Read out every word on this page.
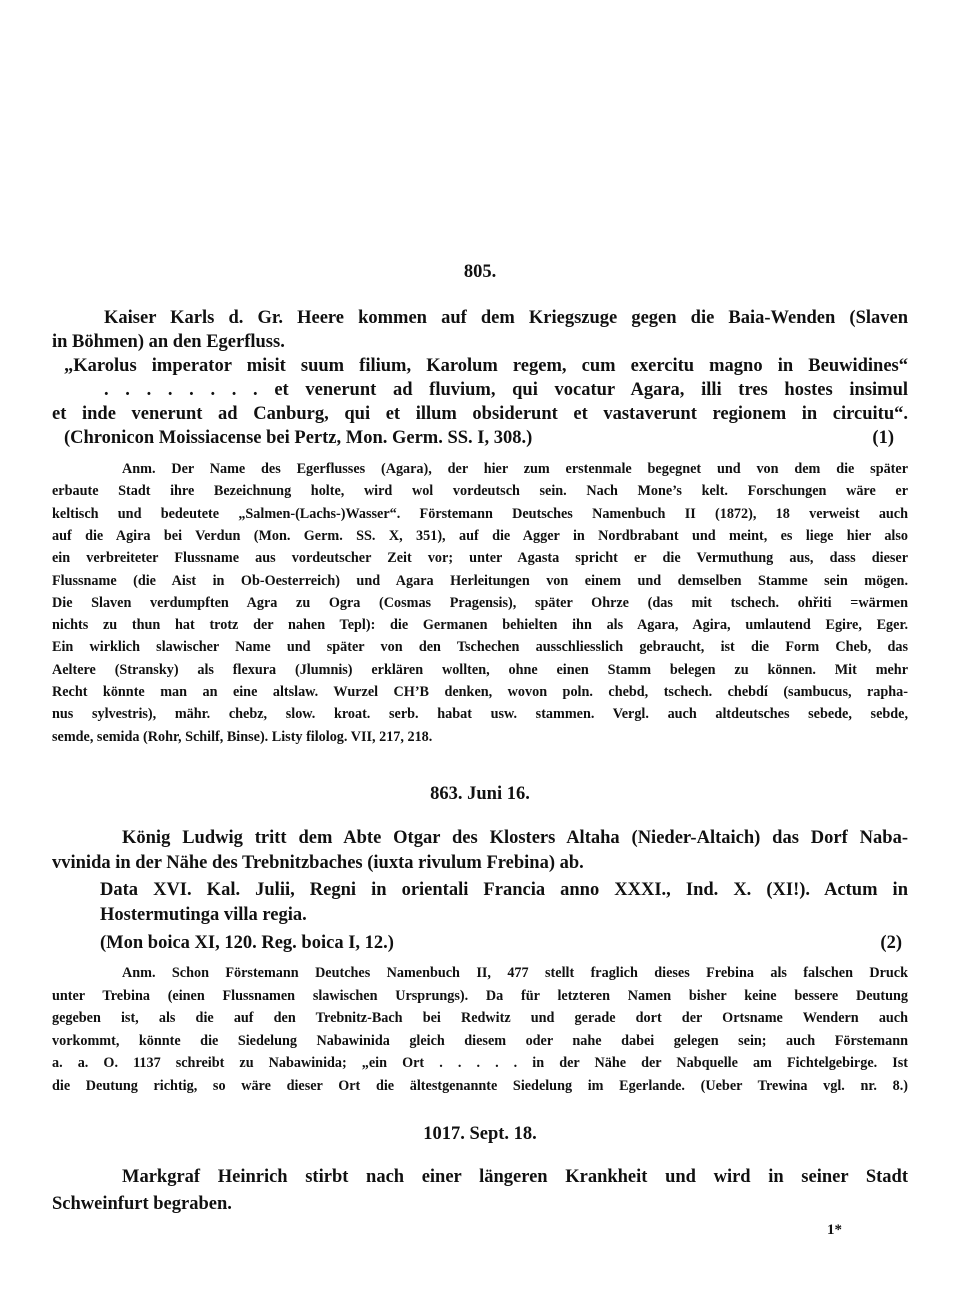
805.
Kaiser Karls d. Gr. Heere kommen auf dem Kriegszuge gegen die Baia-Wenden (Slaven
in Böhmen) an den Egerfluss.
„Karolus imperator misit suum filium, Karolum regem, cum exercitu magno in Beuwidines“
. . . . . . . . et venerunt ad fluvium, qui vocatur Agara, illi tres hostes insimul
et inde venerunt ad Canburg, qui et illum obsiderunt et vastaverunt regionem in circuitu“.
(Chronicon Moissiacense bei Pertz, Mon. Germ. SS. I, 308.)	(1)
Anm. Der Name des Egerflusses (Agara), der hier zum erstenmale begegnet und von dem die später
erbaute Stadt ihre Bezeichnung holte, wird wol vordeutsch sein. Nach Mone’s kelt. Forschungen wäre er
keltisch und bedeutete „Salmen-(Lachs-)Wasser“. Förstemann Deutsches Namenbuch II (1872), 18 verweist auch
auf die Agira bei Verdun (Mon. Germ. SS. X, 351), auf die Agger in Nordbrabant und meint, es liege hier also
ein verbreiteter Flussname aus vordeutscher Zeit vor; unter Agasta spricht er die Vermuthung aus, dass dieser
Flussname (die Aist in Ob-Oesterreich) und Agara Herleitungen von einem und demselben Stamme sein mögen.
Die Slaven verdumpften Agra zu Ogra (Cosmas Pragensis), später Ohrze (das mit tschech. ohřiti =wärmen
nichts zu thun hat trotz der nahen Tepl): die Germanen behielten ihn als Agara, Agira, umlautend Egire, Eger.
Ein wirklich slawischer Name und später von den Tschechen ausschliesslich gebraucht, ist die Form Cheb, das
Aeltere (Stransky) als flexura (Jlumnis) erklären wollten, ohne einen Stamm belegen zu können. Mit mehr
Recht könnte man an eine altslaw. Wurzel CH’B denken, wovon poln. chebd, tschech. chebdí (sambucus, rapha-
nus sylvestris), mähr. chebz, slow. kroat. serb. habat usw. stammen. Vergl. auch altdeutsches sebede, sebde,
semde, semida (Rohr, Schilf, Binse). Listy filolog. VII, 217, 218.
863. Juni 16.
König Ludwig tritt dem Abte Otgar des Klosters Altaha (Nieder-Altaich) das Dorf Naba-
vvinida in der Nähe des Trebnitzbaches (iuxta rivulum Frebina) ab.
Data XVI. Kal. Julii, Regni in orientali Francia anno XXXI., Ind. X. (XI!). Actum in
Hostermutinga villa regia.
(Mon boica XI, 120. Reg. boica I, 12.)	(2)
Anm. Schon Förstemann Deutches Namenbuch II, 477 stellt fraglich dieses Frebina als falschen Druck
unter Trebina (einen Flussnamen slawischen Ursprungs). Da für letzteren Namen bisher keine bessere Deutung
gegeben ist, als die auf den Trebnitz-Bach bei Redwitz und gerade dort der Ortsname Wendern auch
vorkommt, könnte die Siedelung Nabawinida gleich diesem oder nahe dabei gelegen sein; auch Förstemann
a. a. O. 1137 schreibt zu Nabawinida; „ein Ort . . . . . in der Nähe der Nabquelle am Fichtelgebirge. Ist
die Deutung richtig, so wäre dieser Ort die ältestgenannte Siedelung im Egerlande. (Ueber Trewina vgl. nr. 8.)
1017. Sept. 18.
Markgraf Heinrich stirbt nach einer längeren Krankheit und wird in seiner Stadt
Schweinfurt begraben.
1*
